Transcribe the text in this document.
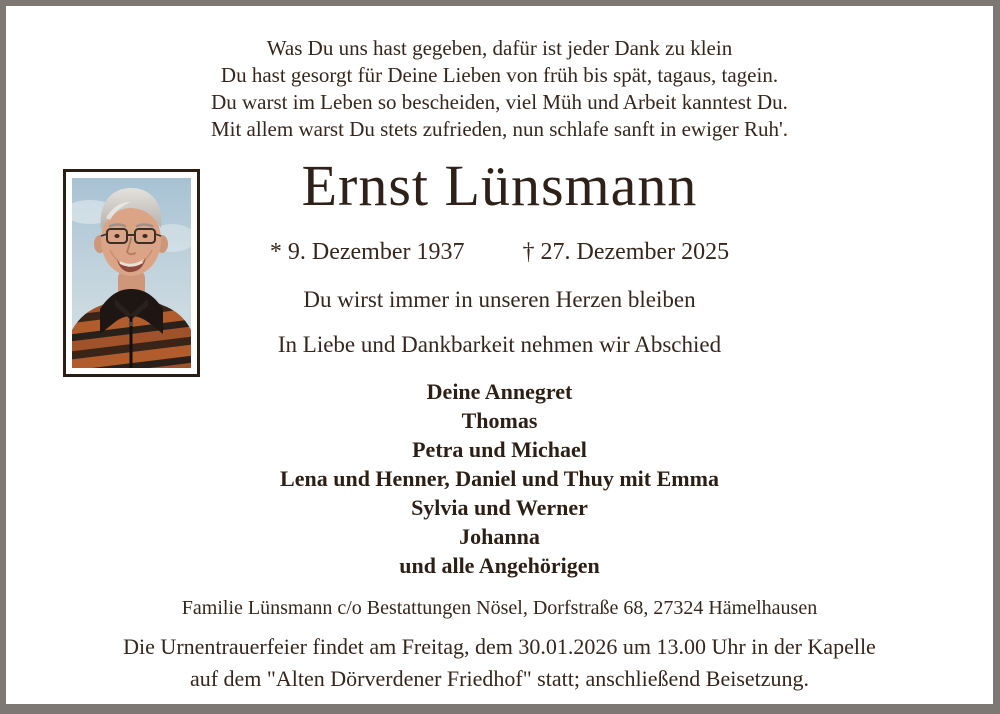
Was Du uns hast gegeben, dafür ist jeder Dank zu klein
Du hast gesorgt für Deine Lieben von früh bis spät, tagaus, tagein.
Du warst im Leben so bescheiden, viel Müh und Arbeit kanntest Du.
Mit allem warst Du stets zufrieden, nun schlafe sanft in ewiger Ruh'.
Ernst Lünsmann
* 9. Dezember 1937 † 27. Dezember 2025
Du wirst immer in unseren Herzen bleiben
In Liebe und Dankbarkeit nehmen wir Abschied
Deine Annegret
Thomas
Petra und Michael
Lena und Henner, Daniel und Thuy mit Emma
Sylvia und Werner
Johanna
und alle Angehörigen
Familie Lünsmann c/o Bestattungen Nösel, Dorfstraße 68, 27324 Hämelhausen
Die Urnentrauerfeier findet am Freitag, dem 30.01.2026 um 13.00 Uhr in der Kapelle
auf dem "Alten Dörverdener Friedhof" statt; anschließend Beisetzung.
